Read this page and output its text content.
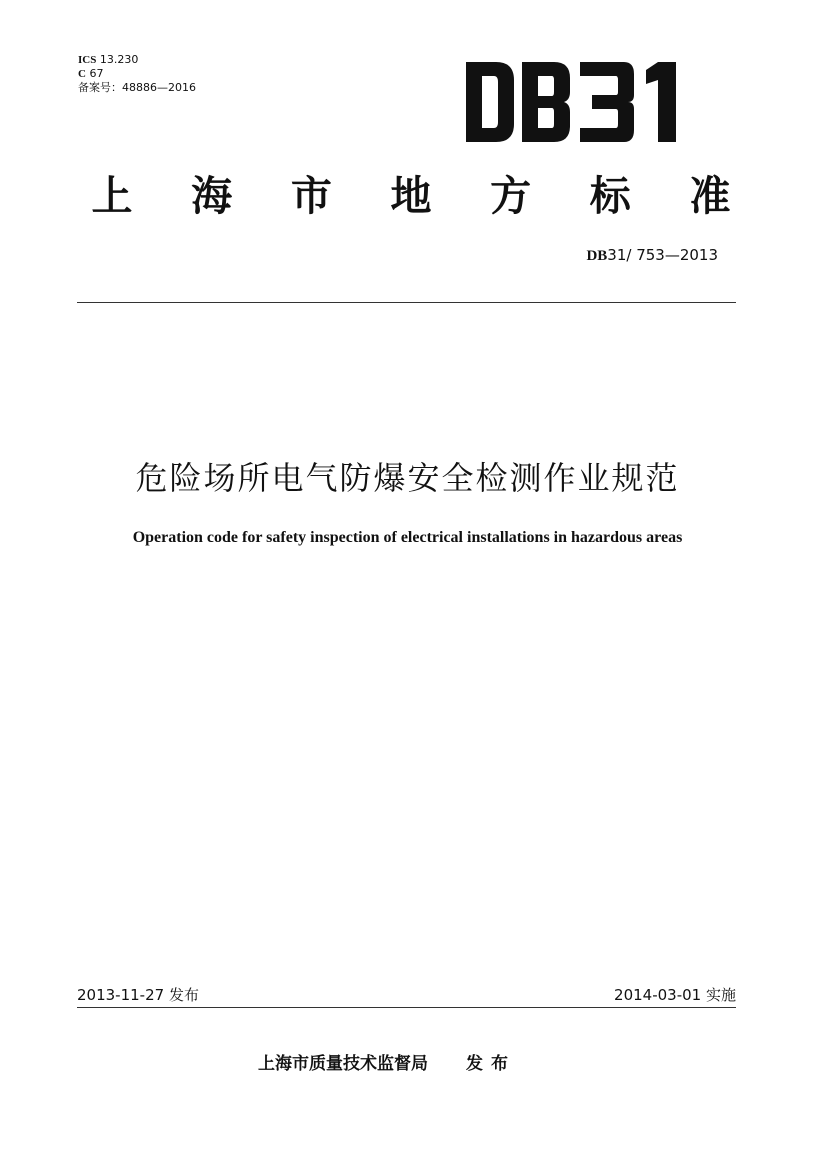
ICS 13.230
C 67
备案号：48886—2016
上 海 市 地 方 标 准
DB31/ 753—2013
危险场所电气防爆安全检测作业规范
Operation code for safety inspection of electrical installations in hazardous areas
2013-11-27 发布	2014-03-01 实施
上海市质量技术监督局 发布
